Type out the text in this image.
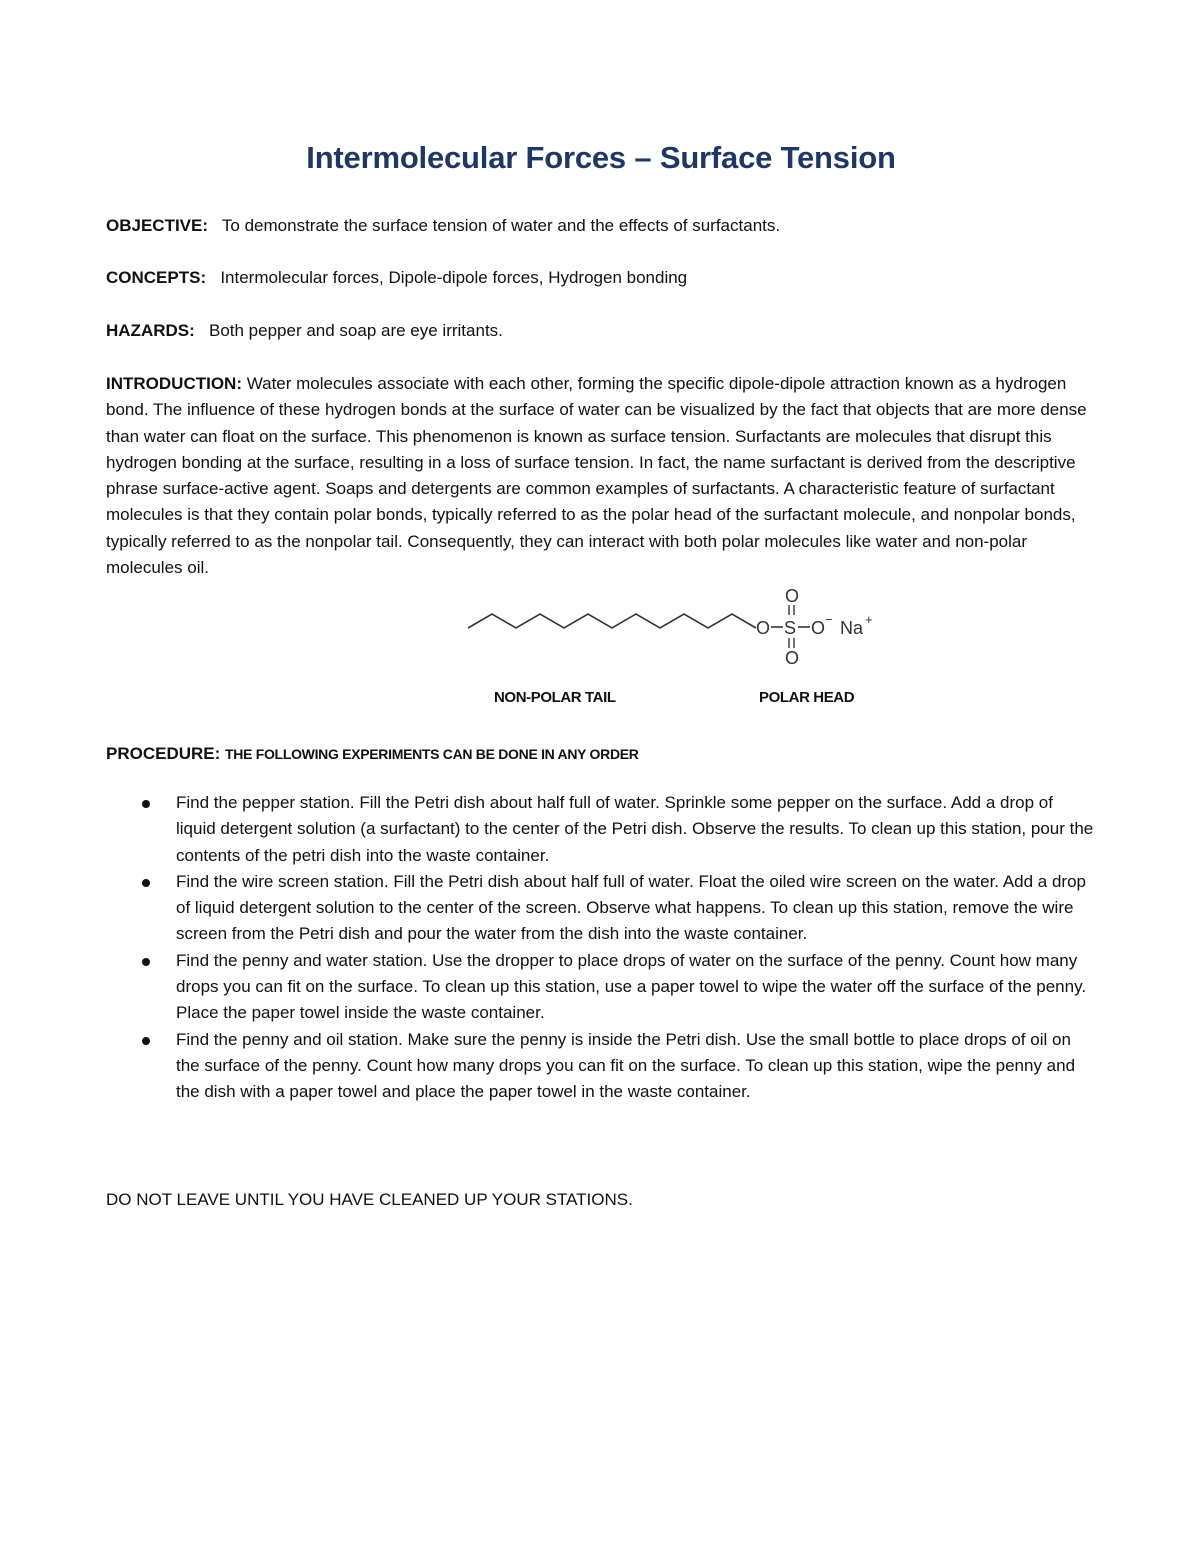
Intermolecular Forces – Surface Tension
OBJECTIVE: To demonstrate the surface tension of water and the effects of surfactants.
CONCEPTS: Intermolecular forces, Dipole-dipole forces, Hydrogen bonding
HAZARDS: Both pepper and soap are eye irritants.
INTRODUCTION: Water molecules associate with each other, forming the specific dipole-dipole attraction known as a hydrogen bond. The influence of these hydrogen bonds at the surface of water can be visualized by the fact that objects that are more dense than water can float on the surface. This phenomenon is known as surface tension. Surfactants are molecules that disrupt this hydrogen bonding at the surface, resulting in a loss of surface tension. In fact, the name surfactant is derived from the descriptive phrase surface-active agent. Soaps and detergents are common examples of surfactants. A characteristic feature of surfactant molecules is that they contain polar bonds, typically referred to as the polar head of the surfactant molecule, and nonpolar bonds, typically referred to as the nonpolar tail. Consequently, they can interact with both polar molecules like water and non-polar molecules oil.
O S
O
O
O − Na +
NON-POLAR TAIL	POLAR HEAD
PROCEDURE: THE FOLLOWING EXPERIMENTS CAN BE DONE IN ANY ORDER
Find the pepper station. Fill the Petri dish about half full of water. Sprinkle some pepper on the surface. Add a drop of liquid detergent solution (a surfactant) to the center of the Petri dish. Observe the results. To clean up this station, pour the contents of the petri dish into the waste container.
Find the wire screen station. Fill the Petri dish about half full of water. Float the oiled wire screen on the water. Add a drop of liquid detergent solution to the center of the screen. Observe what happens. To clean up this station, remove the wire screen from the Petri dish and pour the water from the dish into the waste container.
Find the penny and water station. Use the dropper to place drops of water on the surface of the penny. Count how many drops you can fit on the surface. To clean up this station, use a paper towel to wipe the water off the surface of the penny. Place the paper towel inside the waste container.
Find the penny and oil station. Make sure the penny is inside the Petri dish. Use the small bottle to place drops of oil on the surface of the penny. Count how many drops you can fit on the surface. To clean up this station, wipe the penny and the dish with a paper towel and place the paper towel in the waste container.
DO NOT LEAVE UNTIL YOU HAVE CLEANED UP YOUR STATIONS.
